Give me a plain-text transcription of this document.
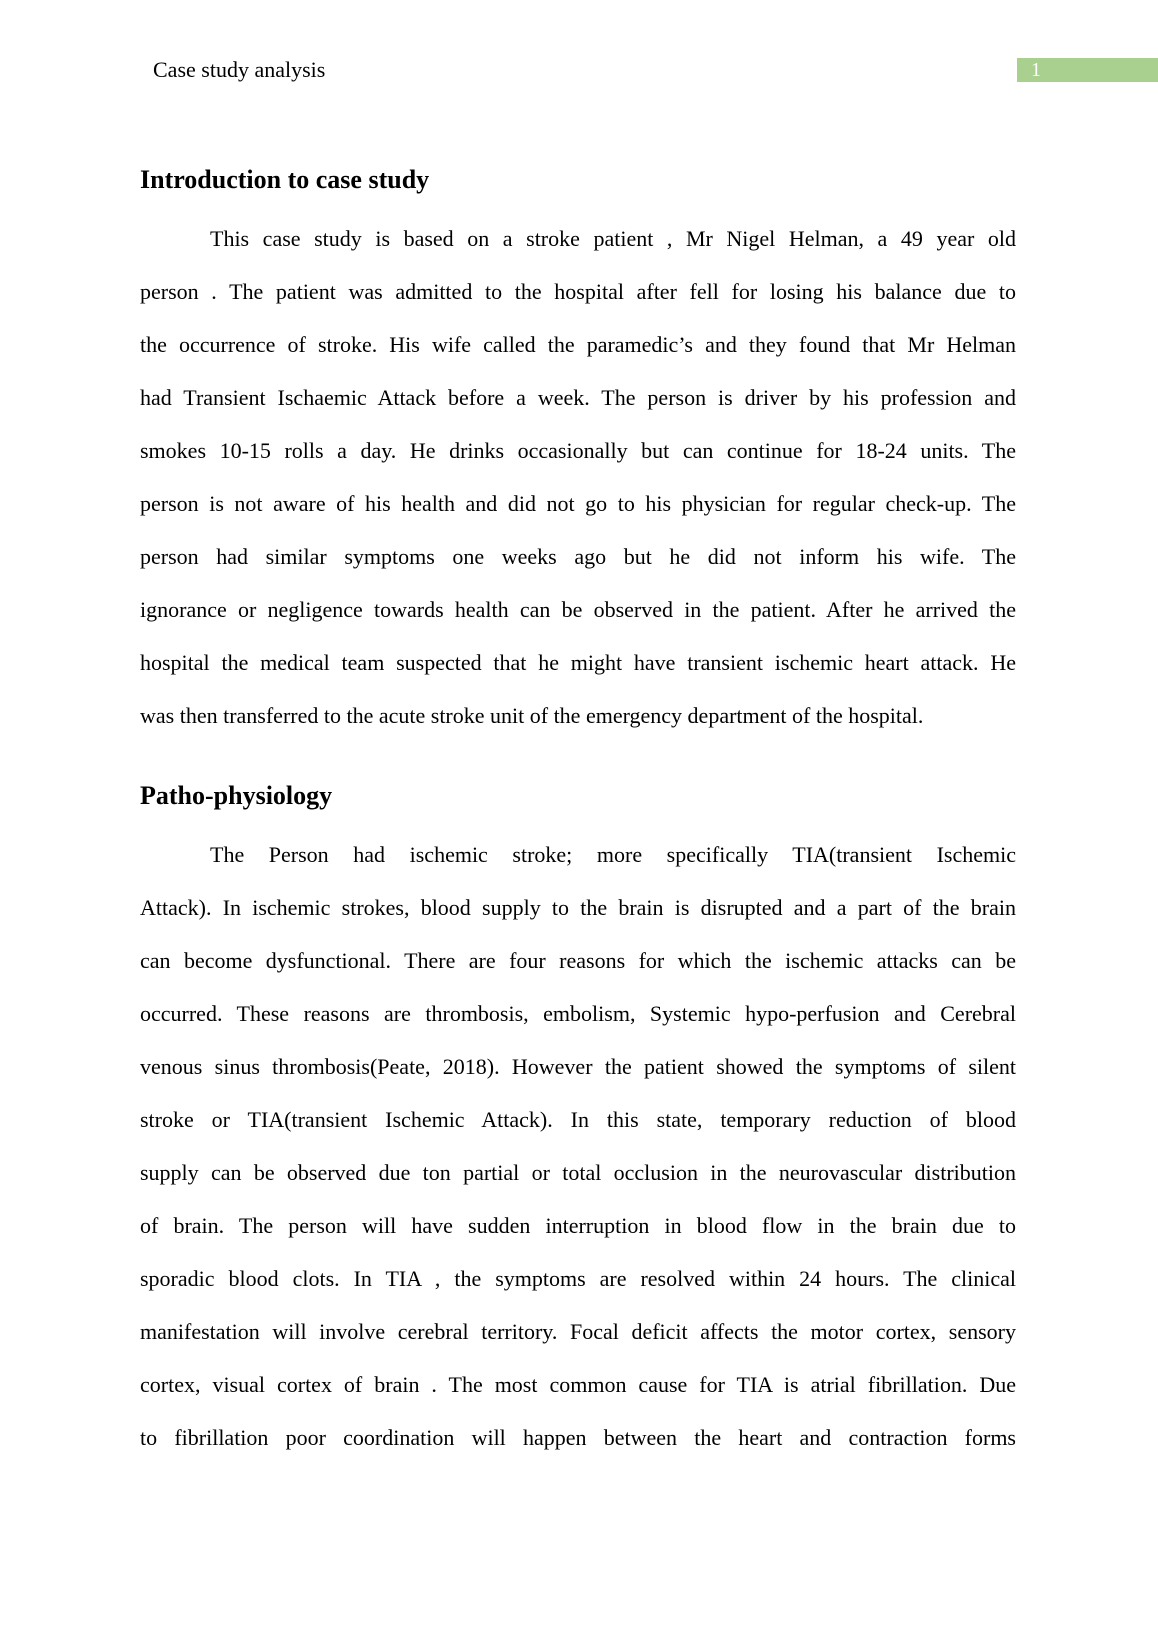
Case study analysis	1
Introduction to case study
This case study is based on a stroke patient , Mr Nigel Helman, a 49 year old
person . The patient was admitted to the hospital after fell for losing his balance due to
the occurrence of stroke. His wife called the paramedic’s and they found that Mr Helman
had Transient Ischaemic Attack before a week. The person is driver by his profession and
smokes 10-15 rolls a day. He drinks occasionally but can continue for 18-24 units. The
person is not aware of his health and did not go to his physician for regular check-up. The
person had similar symptoms one weeks ago but he did not inform his wife. The
ignorance or negligence towards health can be observed in the patient. After he arrived the
hospital the medical team suspected that he might have transient ischemic heart attack. He
was then transferred to the acute stroke unit of the emergency department of the hospital.
Patho-physiology
The Person had ischemic stroke; more specifically TIA(transient Ischemic
Attack). In ischemic strokes, blood supply to the brain is disrupted and a part of the brain
can become dysfunctional. There are four reasons for which the ischemic attacks can be
occurred. These reasons are thrombosis, embolism, Systemic hypo-perfusion and Cerebral
venous sinus thrombosis(Peate, 2018). However the patient showed the symptoms of silent
stroke or TIA(transient Ischemic Attack). In this state, temporary reduction of blood
supply can be observed due ton partial or total occlusion in the neurovascular distribution
of brain. The person will have sudden interruption in blood flow in the brain due to
sporadic blood clots. In TIA , the symptoms are resolved within 24 hours. The clinical
manifestation will involve cerebral territory. Focal deficit affects the motor cortex, sensory
cortex, visual cortex of brain . The most common cause for TIA is atrial fibrillation. Due
to fibrillation poor coordination will happen between the heart and contraction forms
